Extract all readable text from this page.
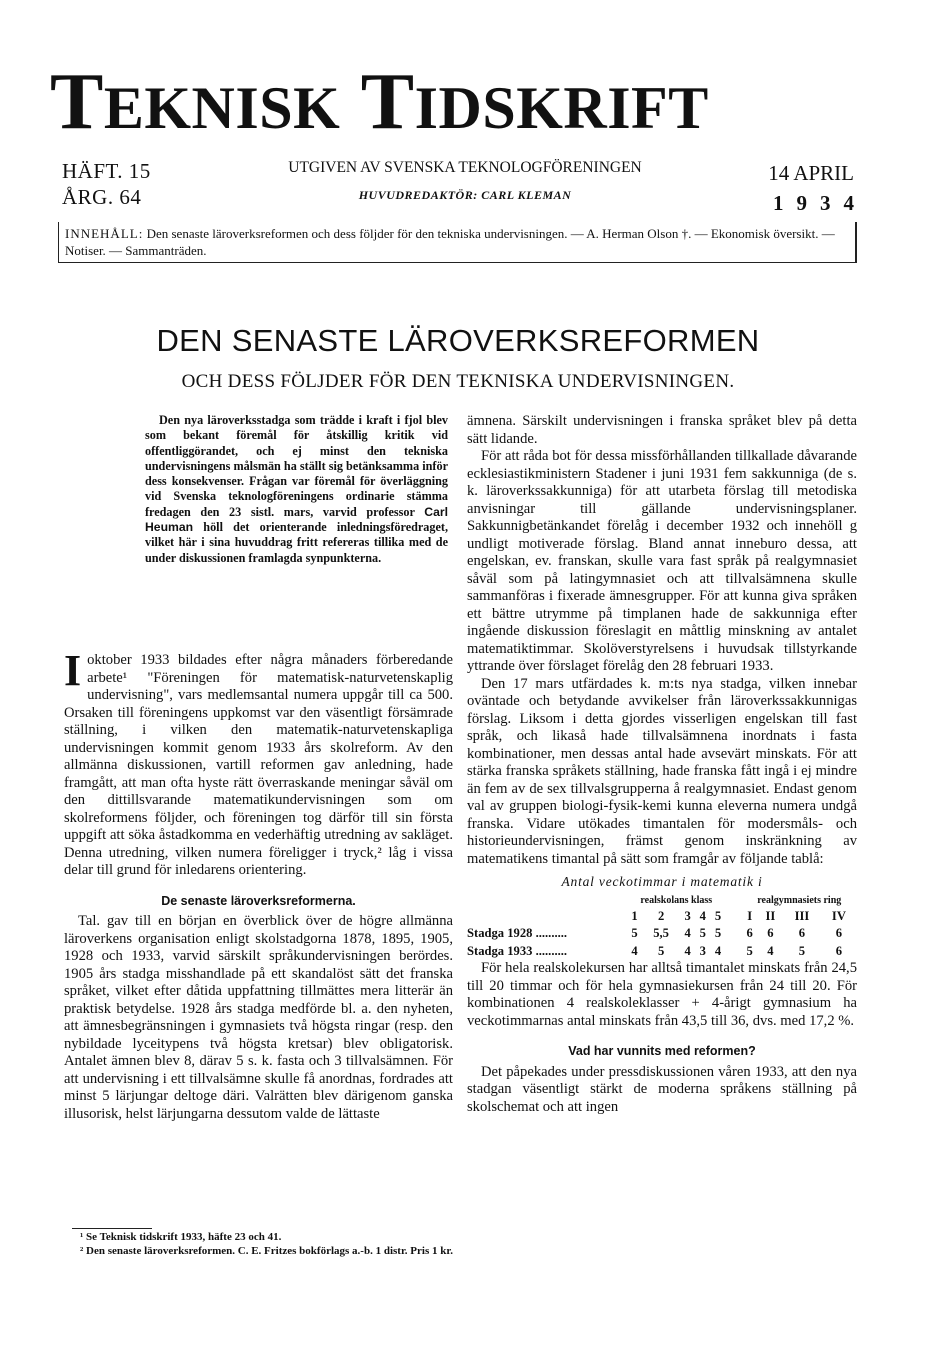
TEKNISK TIDSKRIFT
HÄFT. 15
ÅRG. 64
UTGIVEN AV SVENSKA TEKNOLOGFÖRENINGEN
HUVUDREDAKTÖR: CARL KLEMAN
14 APRIL
1934
INNEHÅLL: Den senaste läroverksreformen och dess följder för den tekniska undervisningen. — A. Herman Olson †. — Ekonomisk översikt. — Notiser. — Sammanträden.
DEN SENASTE LÄROVERKSREFORMEN
OCH DESS FÖLJDER FÖR DEN TEKNISKA UNDERVISNINGEN.

Den nya läroverksstadga som trädde i kraft i fjol blev som bekant föremål för åtskillig kritik vid offentliggörandet, och ej minst den tekniska undervisningens målsmän ha ställt sig betänksamma inför dess konsekvenser. Frågan var föremål för överläggning vid Svenska teknologföreningens ordinarie stämma fredagen den 23 sistl. mars, varvid professor Carl Heuman höll det orienterande inledningsföredraget, vilket här i sina huvuddrag fritt refereras tillika med de under diskussionen framlagda synpunkterna.

I oktober 1933 bildades efter några månaders förberedande arbete¹ "Föreningen för matematisk-naturvetenskaplig undervisning", vars medlemsantal numera uppgår till ca 500. Orsaken till föreningens uppkomst var den väsentligt försämrade ställning, i vilken den matematik-naturvetenskapliga undervisningen kommit genom 1933 års skolreform. Av den allmänna diskussionen, vartill reformen gav anledning, hade framgått, att man ofta hyste rätt överraskande meningar såväl om den dittillsvarande matematikundervisningen som om skolreformens följder, och föreningen tog därför till sin första uppgift att söka åstadkomma en vederhäftig utredning av sakläget. Denna utredning, vilken numera föreligger i tryck,² låg i vissa delar till grund för inledarens orientering.

De senaste läroverksreformerna.

Tal. gav till en början en överblick över de högre allmänna läroverkens organisation enligt skolstadgorna 1878, 1895, 1905, 1928 och 1933, varvid särskilt språkundervisningen berördes. 1905 års stadga misshandlade på ett skandalöst sätt det franska språket, vilket efter dåtida uppfattning tillmättes mera litterär än praktisk betydelse. 1928 års stadga medförde bl. a. den nyheten, att ämnesbegränsningen i gymnasiets två högsta ringar (resp. den nybildade lyceitypens två högsta kretsar) blev obligatorisk. Antalet ämnen blev 8, därav 5 s. k. fasta och 3 tillvalsämnen. För att undervisning i ett tillvalsämne skulle få anordnas, fordrades att minst 5 lärjungar deltoge däri. Valrätten blev därigenom ganska illusorisk, helst lärjungarna dessutom valde de lättaste

¹ Se Teknisk tidskrift 1933, häfte 23 och 41.

² Den senaste läroverksreformen. C. E. Fritzes bokförlags a.-b. 1 distr. Pris 1 kr.

ämnena. Särskilt undervisningen i franska språket blev på detta sätt lidande.

För att råda bot för dessa missförhållanden tillkallade dåvarande ecklesiastikministern Stadener i juni 1931 fem sakkunniga (de s. k. läroverkssakkunniga) för att utarbeta förslag till metodiska anvisningar till gällande undervisningsplaner. Sakkunnigbetänkandet förelåg i december 1932 och innehöll g undligt motiverade förslag. Bland annat inneburo dessa, att engelskan, ev. franskan, skulle vara fast språk på realgymnasiet såväl som på latingymnasiet och att tillvalsämnena skulle sammanföras i fixerade ämnesgrupper. För att kunna giva språken ett bättre utrymme på timplanen hade de sakkunniga efter ingående diskussion föreslagit en måttlig minskning av antalet matematiktimmar. Skolöverstyrelsens i huvudsak tillstyrkande yttrande över förslaget förelåg den 28 februari 1933.

Den 17 mars utfärdades k. m:ts nya stadga, vilken innebar oväntade och betydande avvikelser från läroverkssakkunnigas förslag. Liksom i detta gjordes visserligen engelskan till fast språk, och likaså hade tillvalsämnena inordnats i fasta kombinationer, men dessas antal hade avsevärt minskats. För att stärka franska språkets ställning, hade franska fått ingå i ej mindre än fem av de sex tillvalsgrupperna å realgymnasiet. Endast genom val av gruppen biologi-fysik-kemi kunna eleverna numera undgå franska. Vidare utökades timantalen för modersmåls- och historieundervisningen, främst genom inskränkning av matematikens timantal på sätt som framgår av följande tablå:

Antal veckotimmar i matematik i
	realskolans klass						realgymnasiets ring			
	1	2	3	4	5		I	II	III	IV
Stadga 1928 ..........	5	5,5	4	5	5		6	6	6	6
Stadga 1933 ..........	4	5	4	3	4		5	4	5	6

För hela realskolekursen har alltså timantalet minskats från 24,5 till 20 timmar och för hela gymnasiekursen från 24 till 20. För kombinationen 4 realskoleklasser + 4-årigt gymnasium ha veckotimmarnas antal minskats från 43,5 till 36, dvs. med 17,2 %.

Vad har vunnits med reformen?

Det påpekades under pressdiskussionen våren 1933, att den nya stadgan väsentligt stärkt de moderna språkens ställning på skolschemat och att ingen
